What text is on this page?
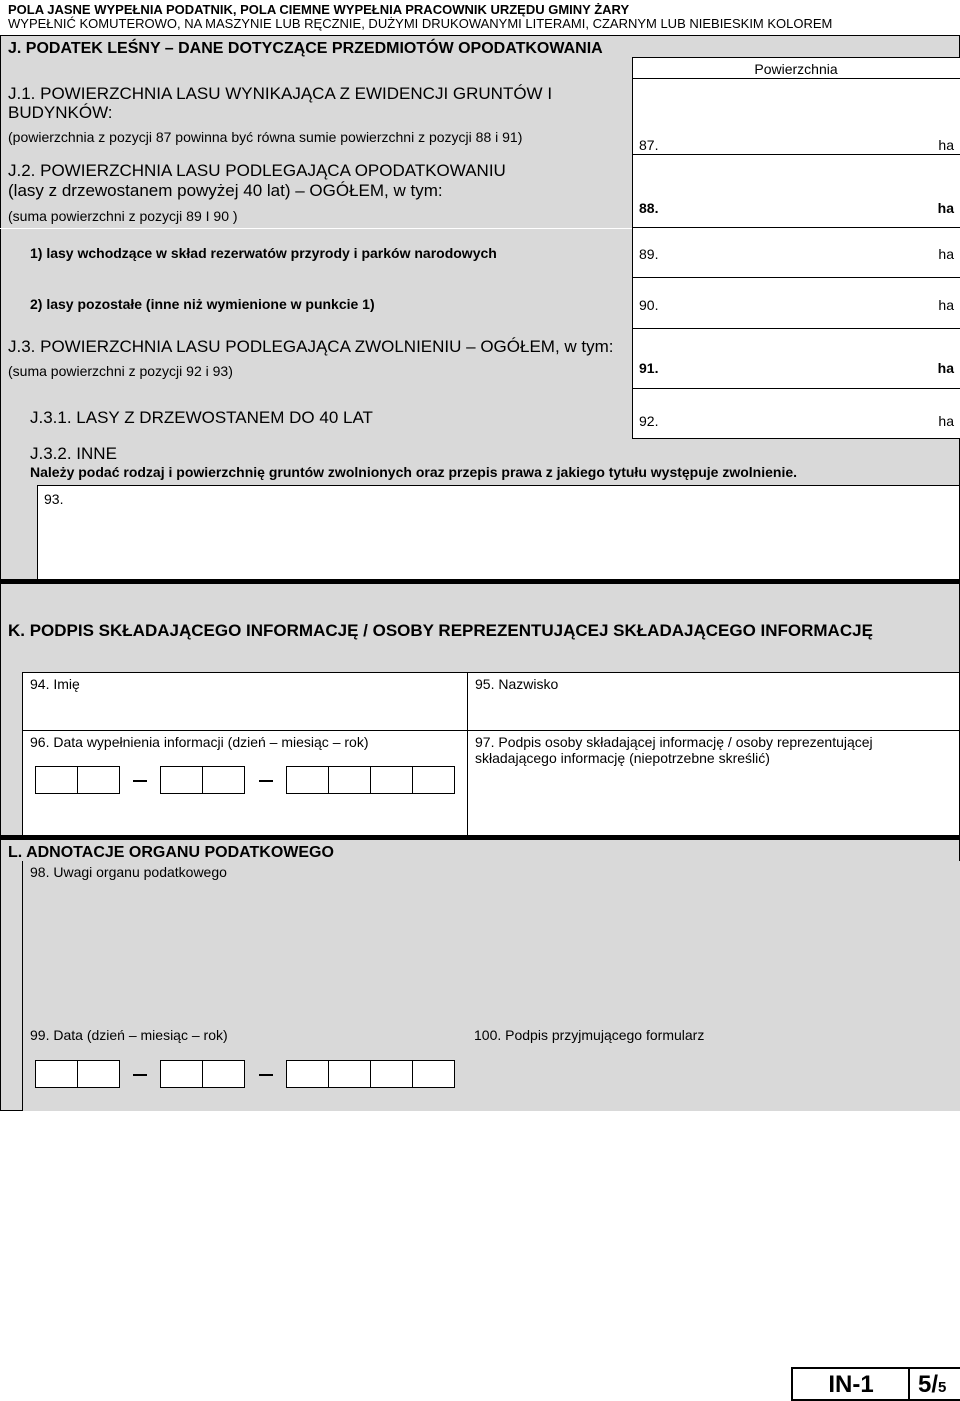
POLA JASNE WYPEŁNIA PODATNIK, POLA CIEMNE WYPEŁNIA PRACOWNIK URZĘDU GMINY ŻARY
WYPEŁNIĆ KOMUTEROWO, NA MASZYNIE LUB RĘCZNIE, DUŻYMI DRUKOWANYMI LITERAMI, CZARNYM LUB NIEBIESKIM KOLOREM
J. PODATEK LEŚNY – DANE DOTYCZĄCE PRZEDMIOTÓW OPODATKOWANIA
Powierzchnia
J.1. POWIERZCHNIA LASU WYNIKAJĄCA Z EWIDENCJI GRUNTÓW I
BUDYNKÓW:
(powierzchnia z pozycji 87 powinna być równa sumie powierzchni z pozycji 88 i 91)	87.	ha
J.2. POWIERZCHNIA LASU PODLEGAJĄCA OPODATKOWANIU
(lasy z drzewostanem powyżej 40 lat) – OGÓŁEM, w tym:
(suma powierzchni z pozycji 89 I 90 )	88.	ha
1) lasy wchodzące w skład rezerwatów przyrody i parków narodowych	89.	ha
2) lasy pozostałe (inne niż wymienione w punkcie 1)	90.	ha
J.3. POWIERZCHNIA LASU PODLEGAJĄCA ZWOLNIENIU – OGÓŁEM, w tym:
(suma powierzchni z pozycji 92 i 93)	91.	ha
J.3.1. LASY Z DRZEWOSTANEM DO 40 LAT	92.	ha
J.3.2. INNE
Należy podać rodzaj i powierzchnię gruntów zwolnionych oraz przepis prawa z jakiego tytułu występuje zwolnienie.
93.
K. PODPIS SKŁADAJĄCEGO INFORMACJĘ / OSOBY REPREZENTUJĄCEJ SKŁADAJĄCEGO INFORMACJĘ
94. Imię	95. Nazwisko
96. Data wypełnienia informacji (dzień – miesiąc – rok)	97. Podpis osoby składającej informację / osoby reprezentującej
składającego informację (niepotrzebne skreślić)
L. ADNOTACJE ORGANU PODATKOWEGO
98. Uwagi organu podatkowego
99. Data (dzień – miesiąc – rok)	100. Podpis przyjmującego formularz
IN-1	5/5
